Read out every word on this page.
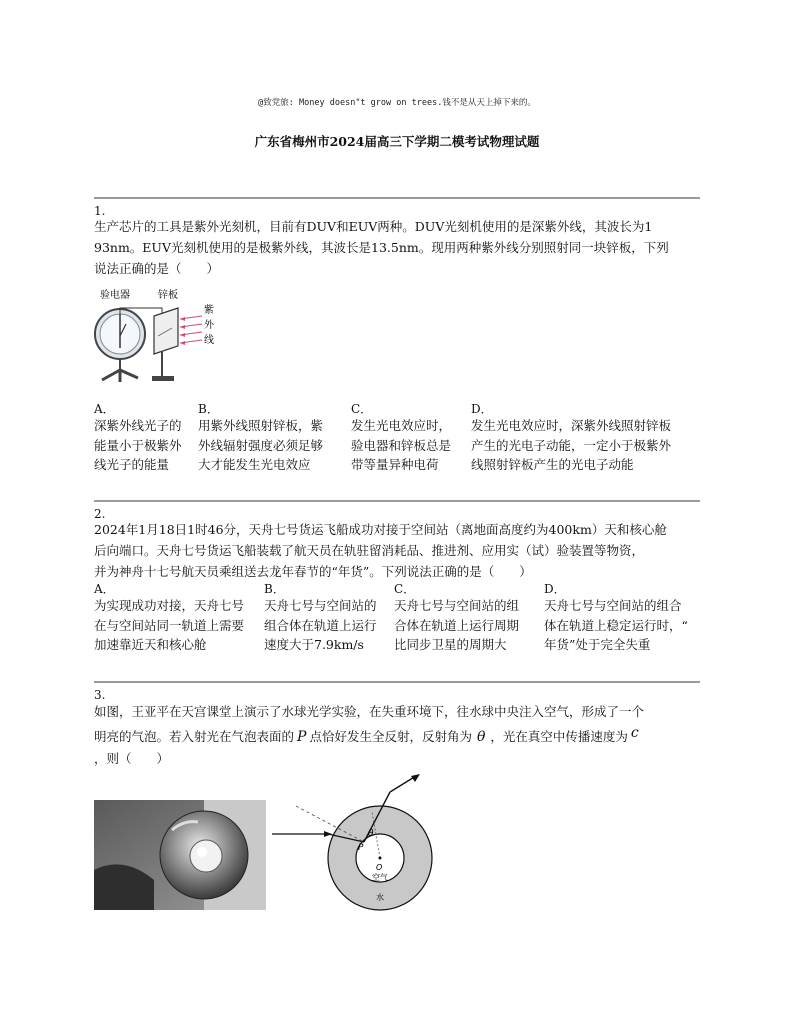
@致党旅: Money doesn"t grow on trees.钱不是从天上掉下来的。
广东省梅州市2024届高三下学期二模考试物理试题
1.
生产芯片的工具是紫外光刻机，目前有DUV和EUV两种。DUV光刻机使用的是深紫外线，其波长为1
93nm。EUV光刻机使用的是极紫外线，其波长是13.5nm。现用两种紫外线分别照射同一块锌板，下列
说法正确的是（　　）
验电器	锌板
紫
外
线
A．
深紫外线光子的
能量小于极紫外
线光子的能量
B．
用紫外线照射锌板，紫
外线辐射强度必须足够
大才能发生光电效应
C．
发生光电效应时，
验电器和锌板总是
带等量异种电荷
D．
发生光电效应时，深紫外线照射锌板
产生的光电子动能，一定小于极紫外
线照射锌板产生的光电子动能
2.
2024年1月18日1时46分，天舟七号货运飞船成功对接于空间站（离地面高度约为400km）天和核心舱
后向端口。天舟七号货运飞船装载了航天员在轨驻留消耗品、推进剂、应用实（试）验装置等物资，
并为神舟十七号航天员乘组送去龙年春节的“年货”。下列说法正确的是（　　）
A．
为实现成功对接，天舟七号
在与空间站同一轨道上需要
加速靠近天和核心舱
B．
天舟七号与空间站的
组合体在轨道上运行
速度大于7.9km/s
C．
天舟七号与空间站的组
合体在轨道上运行周期
比同步卫星的周期大
D．
天舟七号与空间站的组合
体在轨道上稳定运行时，“
年货”处于完全失重
3.
如图，王亚平在天宫课堂上演示了水球光学实验，在失重环境下，往水球中央注入空气，形成了一个
明亮的气泡。若入射光在气泡表面的 P 点恰好发生全反射，反射角为 θ ，光在真空中传播速度为 c
，则（　　）
θ
P
O
空气
水
